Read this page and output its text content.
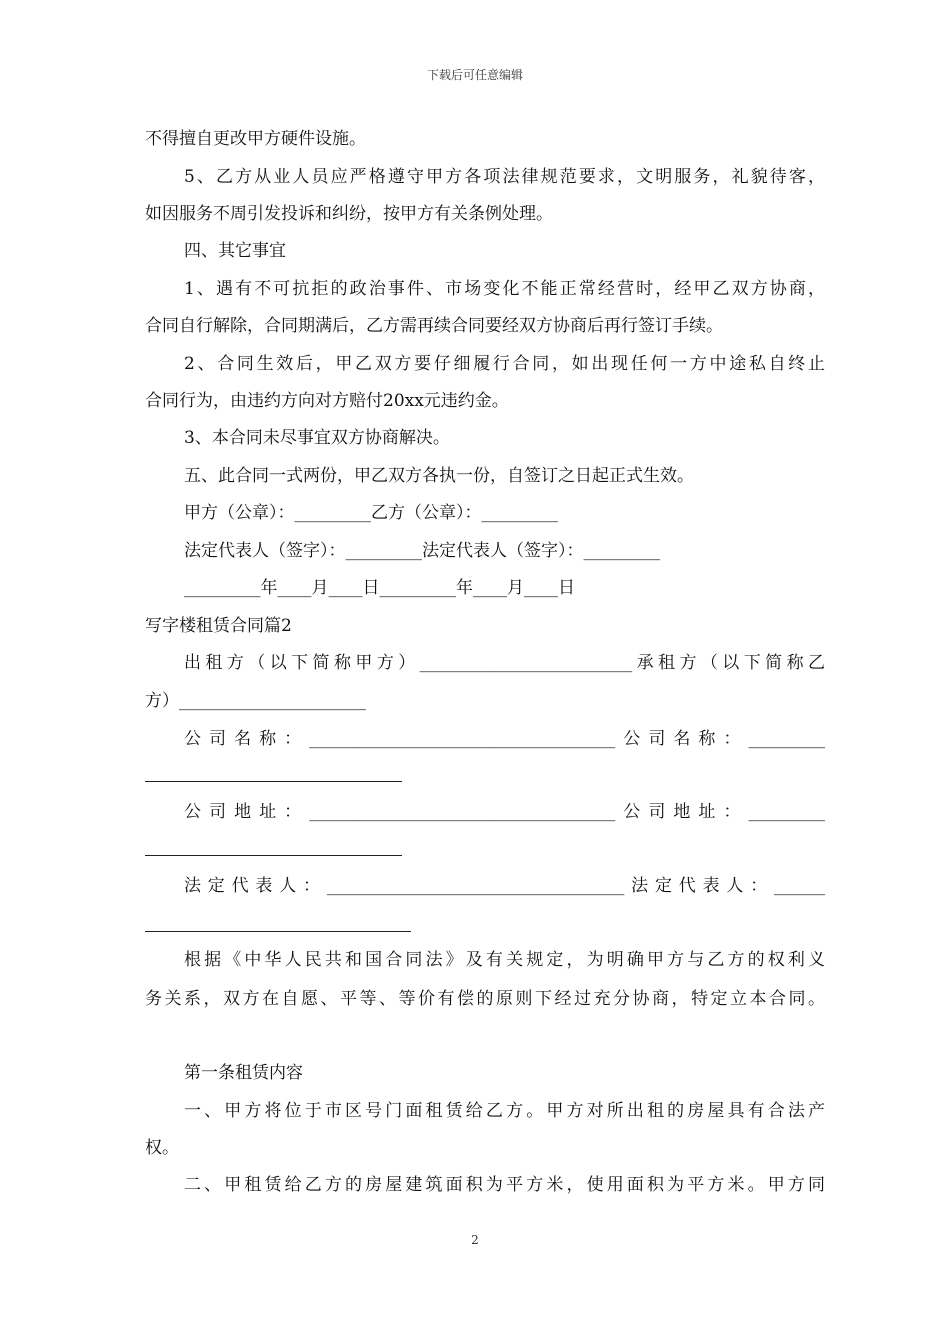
下载后可任意编辑
不得擅自更改甲方硬件设施。
5、乙方从业人员应严格遵守甲方各项法律规范要求，文明服务，礼貌待客，
如因服务不周引发投诉和纠纷，按甲方有关条例处理。
四、其它事宜
1、遇有不可抗拒的政治事件、市场变化不能正常经营时，经甲乙双方协商，
合同自行解除，合同期满后，乙方需再续合同要经双方协商后再行签订手续。
2、合同生效后，甲乙双方要仔细履行合同，如出现任何一方中途私自终止
合同行为，由违约方向对方赔付20xx元违约金。
3、本合同未尽事宜双方协商解决。
五、此合同一式两份，甲乙双方各执一份，自签订之日起正式生效。
甲方（公章）：_________乙方（公章）：_________
法定代表人（签字）：_________法定代表人（签字）：_________
_________年____月____日_________年____月____日
写字楼租赁合同篇2
出租方（以下简称甲方）_________________________承租方（以下简称乙
方）______________________
公司名称：____________________________________公司名称：_________
公司地址：____________________________________公司地址：_________
法定代表人：___________________________________法定代表人：______
根据《中华人民共和国合同法》及有关规定，为明确甲方与乙方的权利义
务关系，双方在自愿、平等、等价有偿的原则下经过充分协商，特定立本合同。
第一条租赁内容
一、甲方将位于市区号门面租赁给乙方。甲方对所出租的房屋具有合法产
权。
二、甲租赁给乙方的房屋建筑面积为平方米，使用面积为平方米。甲方同
2
